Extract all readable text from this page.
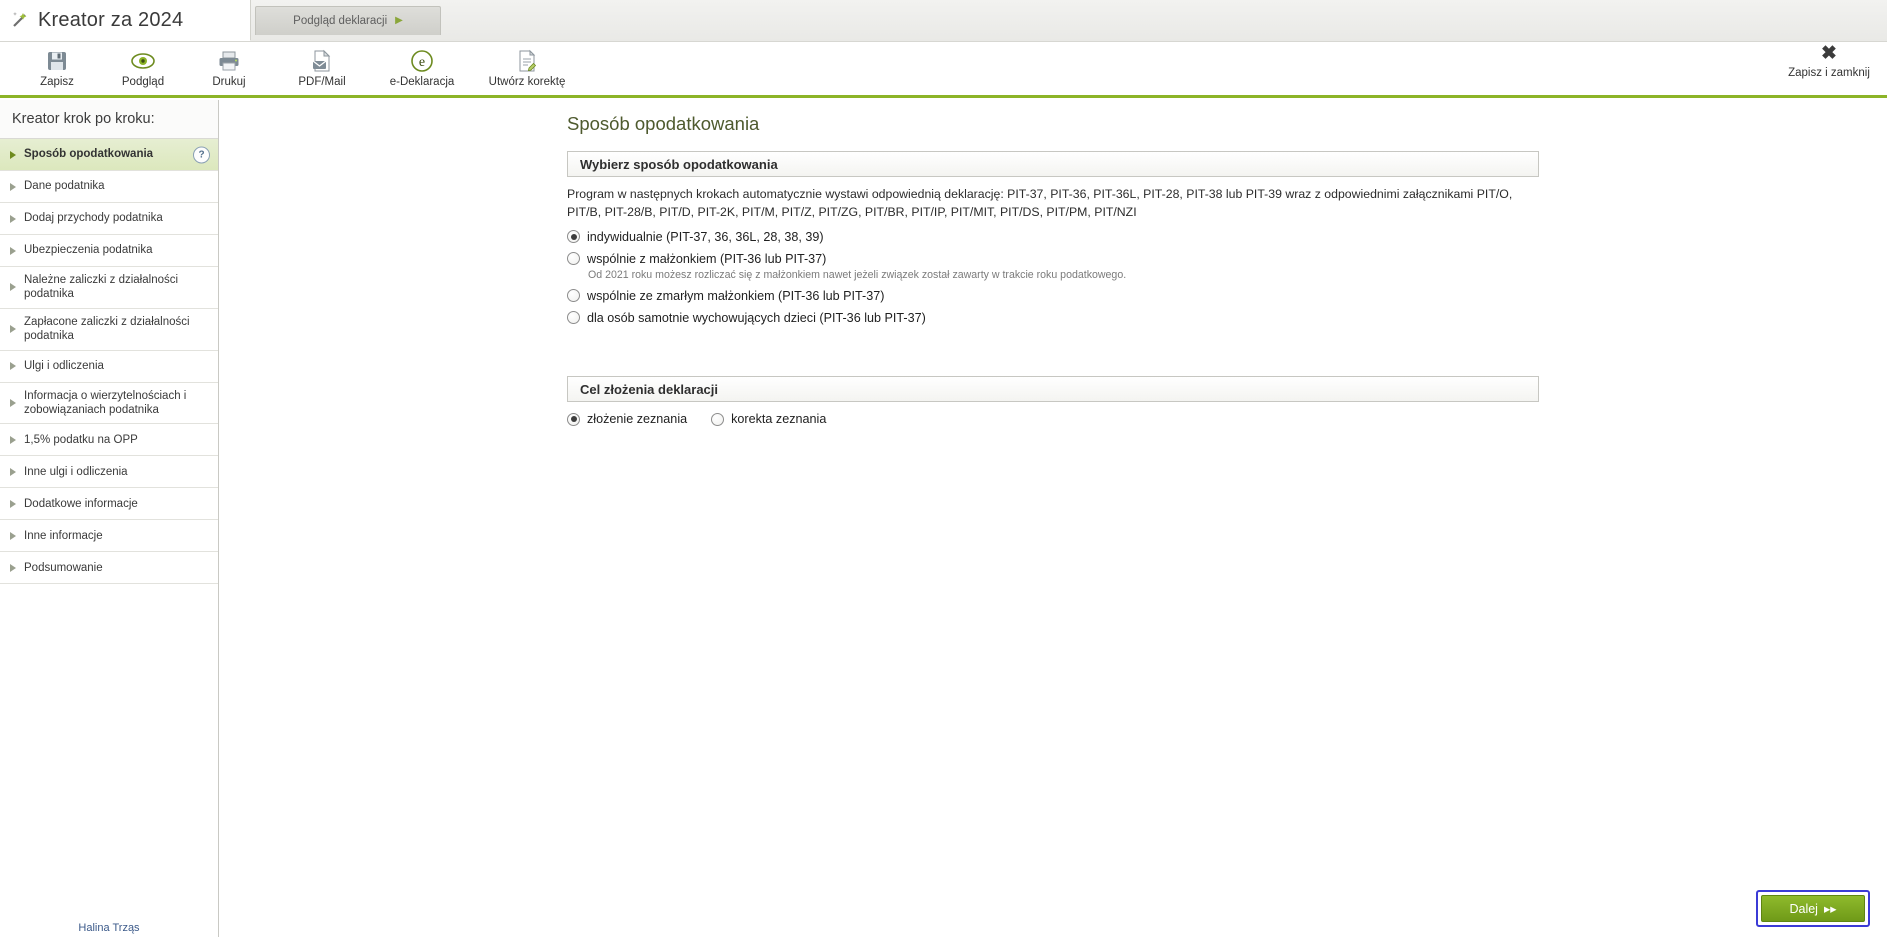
Kreator za 2024	Podgląd deklaracji ▶
Zapisz	Podgląd	Drukuj	PDF/Mail
e
e-Deklaracja	Utwórz korektę
✖
Zapisz i zamknij
Kreator krok po kroku:
Sposób opodatkowania	?
Dane podatnika
Dodaj przychody podatnika
Ubezpieczenia podatnika
Należne zaliczki z działalności podatnika
Zapłacone zaliczki z działalności podatnika
Ulgi i odliczenia
Informacja o wierzytelnościach i zobowiązaniach podatnika
1,5% podatku na OPP
Inne ulgi i odliczenia
Dodatkowe informacje
Inne informacje
Podsumowanie
Halina Trząs
Sposób opodatkowania
Wybierz sposób opodatkowania
Program w następnych krokach automatycznie wystawi odpowiednią deklarację: PIT-37, PIT-36, PIT-36L, PIT-28, PIT-38 lub PIT-39 wraz z odpowiednimi załącznikami PIT/O, PIT/B, PIT-28/B, PIT/D, PIT-2K, PIT/M, PIT/Z, PIT/ZG, PIT/BR, PIT/IP, PIT/MIT, PIT/DS, PIT/PM, PIT/NZI
indywidualnie (PIT-37, 36, 36L, 28, 38, 39)
wspólnie z małżonkiem (PIT-36 lub PIT-37)
Od 2021 roku możesz rozliczać się z małżonkiem nawet jeżeli związek został zawarty w trakcie roku podatkowego.
wspólnie ze zmarłym małżonkiem (PIT-36 lub PIT-37)
dla osób samotnie wychowujących dzieci (PIT-36 lub PIT-37)
Cel złożenia deklaracji
złożenie zeznania	korekta zeznania
Dalej ▸▸
